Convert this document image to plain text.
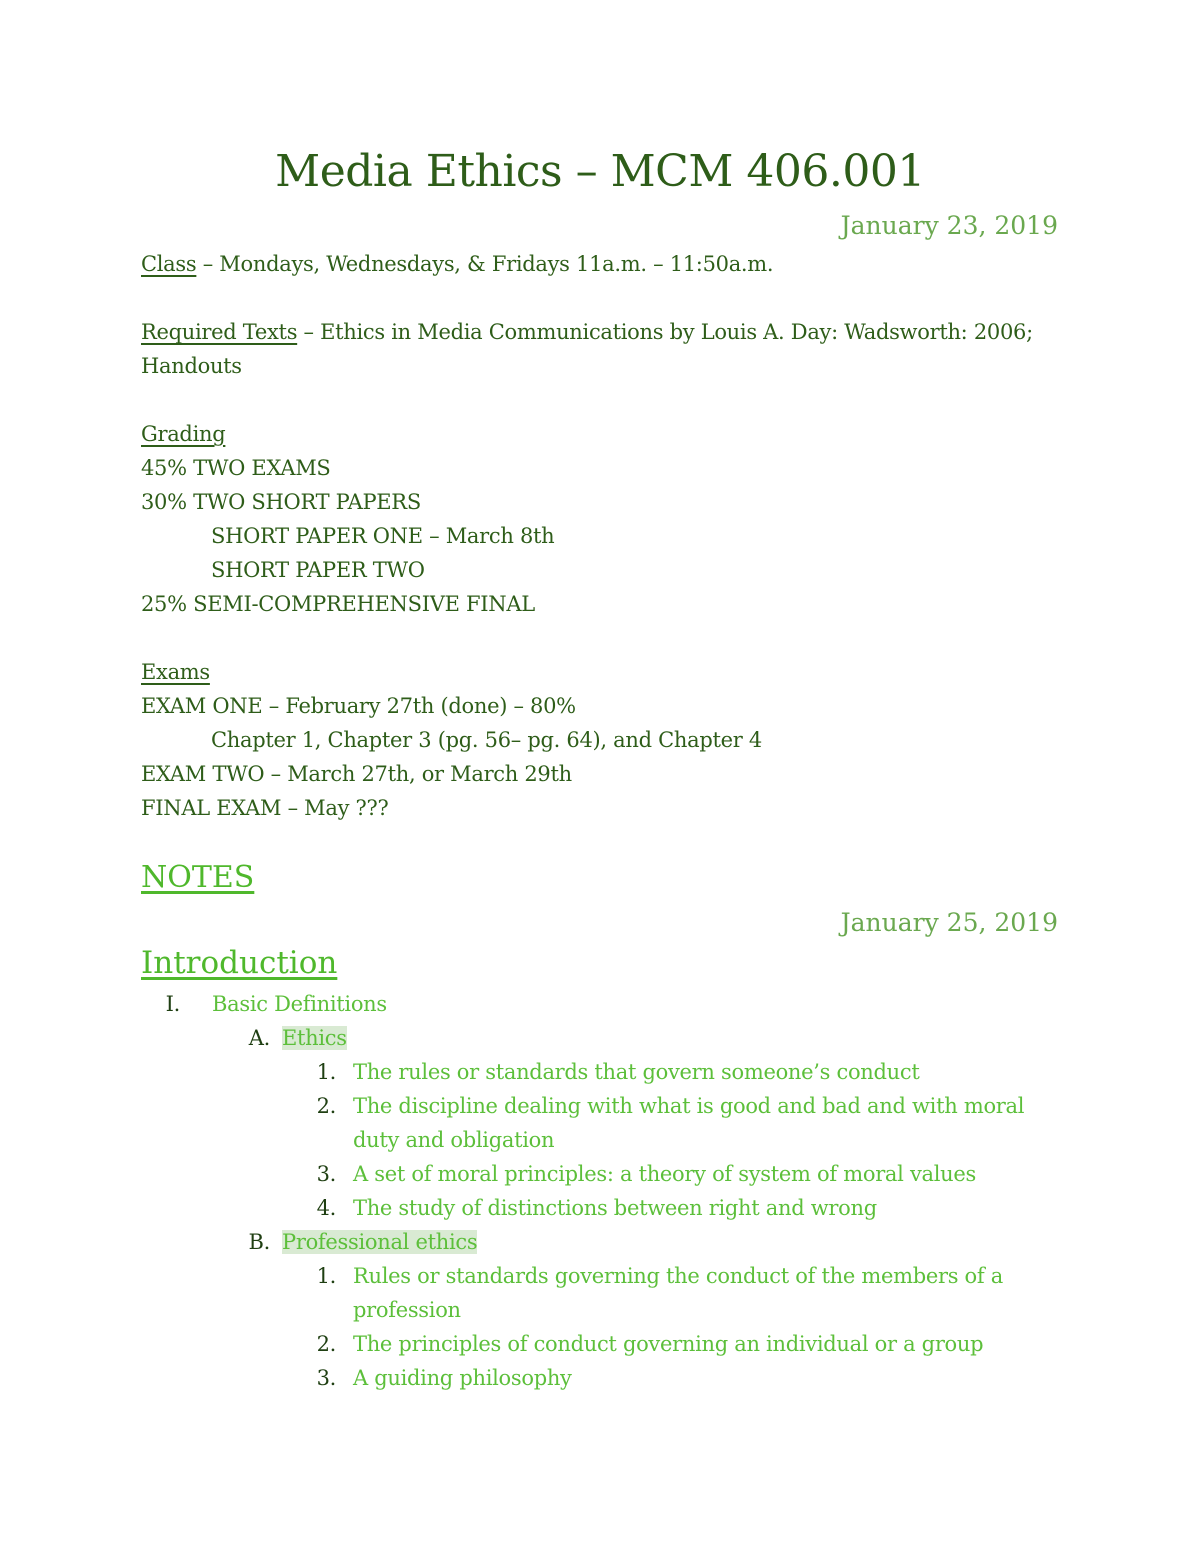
Media Ethics – MCM 406.001
January 23, 2019
Class – Mondays, Wednesdays, & Fridays 11a.m. – 11:50a.m.
Required Texts – Ethics in Media Communications by Louis A. Day: Wadsworth: 2006;
Handouts
Grading
45% TWO EXAMS
30% TWO SHORT PAPERS
SHORT PAPER ONE – March 8th
SHORT PAPER TWO
25% SEMI-COMPREHENSIVE FINAL
Exams
EXAM ONE – February 27th (done) – 80%
Chapter 1, Chapter 3 (pg. 56– pg. 64), and Chapter 4
EXAM TWO – March 27th, or March 29th
FINAL EXAM – May ???
NOTES
January 25, 2019
Introduction
I. Basic Definitions
A. Ethics
1. The rules or standards that govern someone’s conduct
2. The discipline dealing with what is good and bad and with moral
duty and obligation
3. A set of moral principles: a theory of system of moral values
4. The study of distinctions between right and wrong
B. Professional ethics
1. Rules or standards governing the conduct of the members of a
profession
2. The principles of conduct governing an individual or a group
3. A guiding philosophy
